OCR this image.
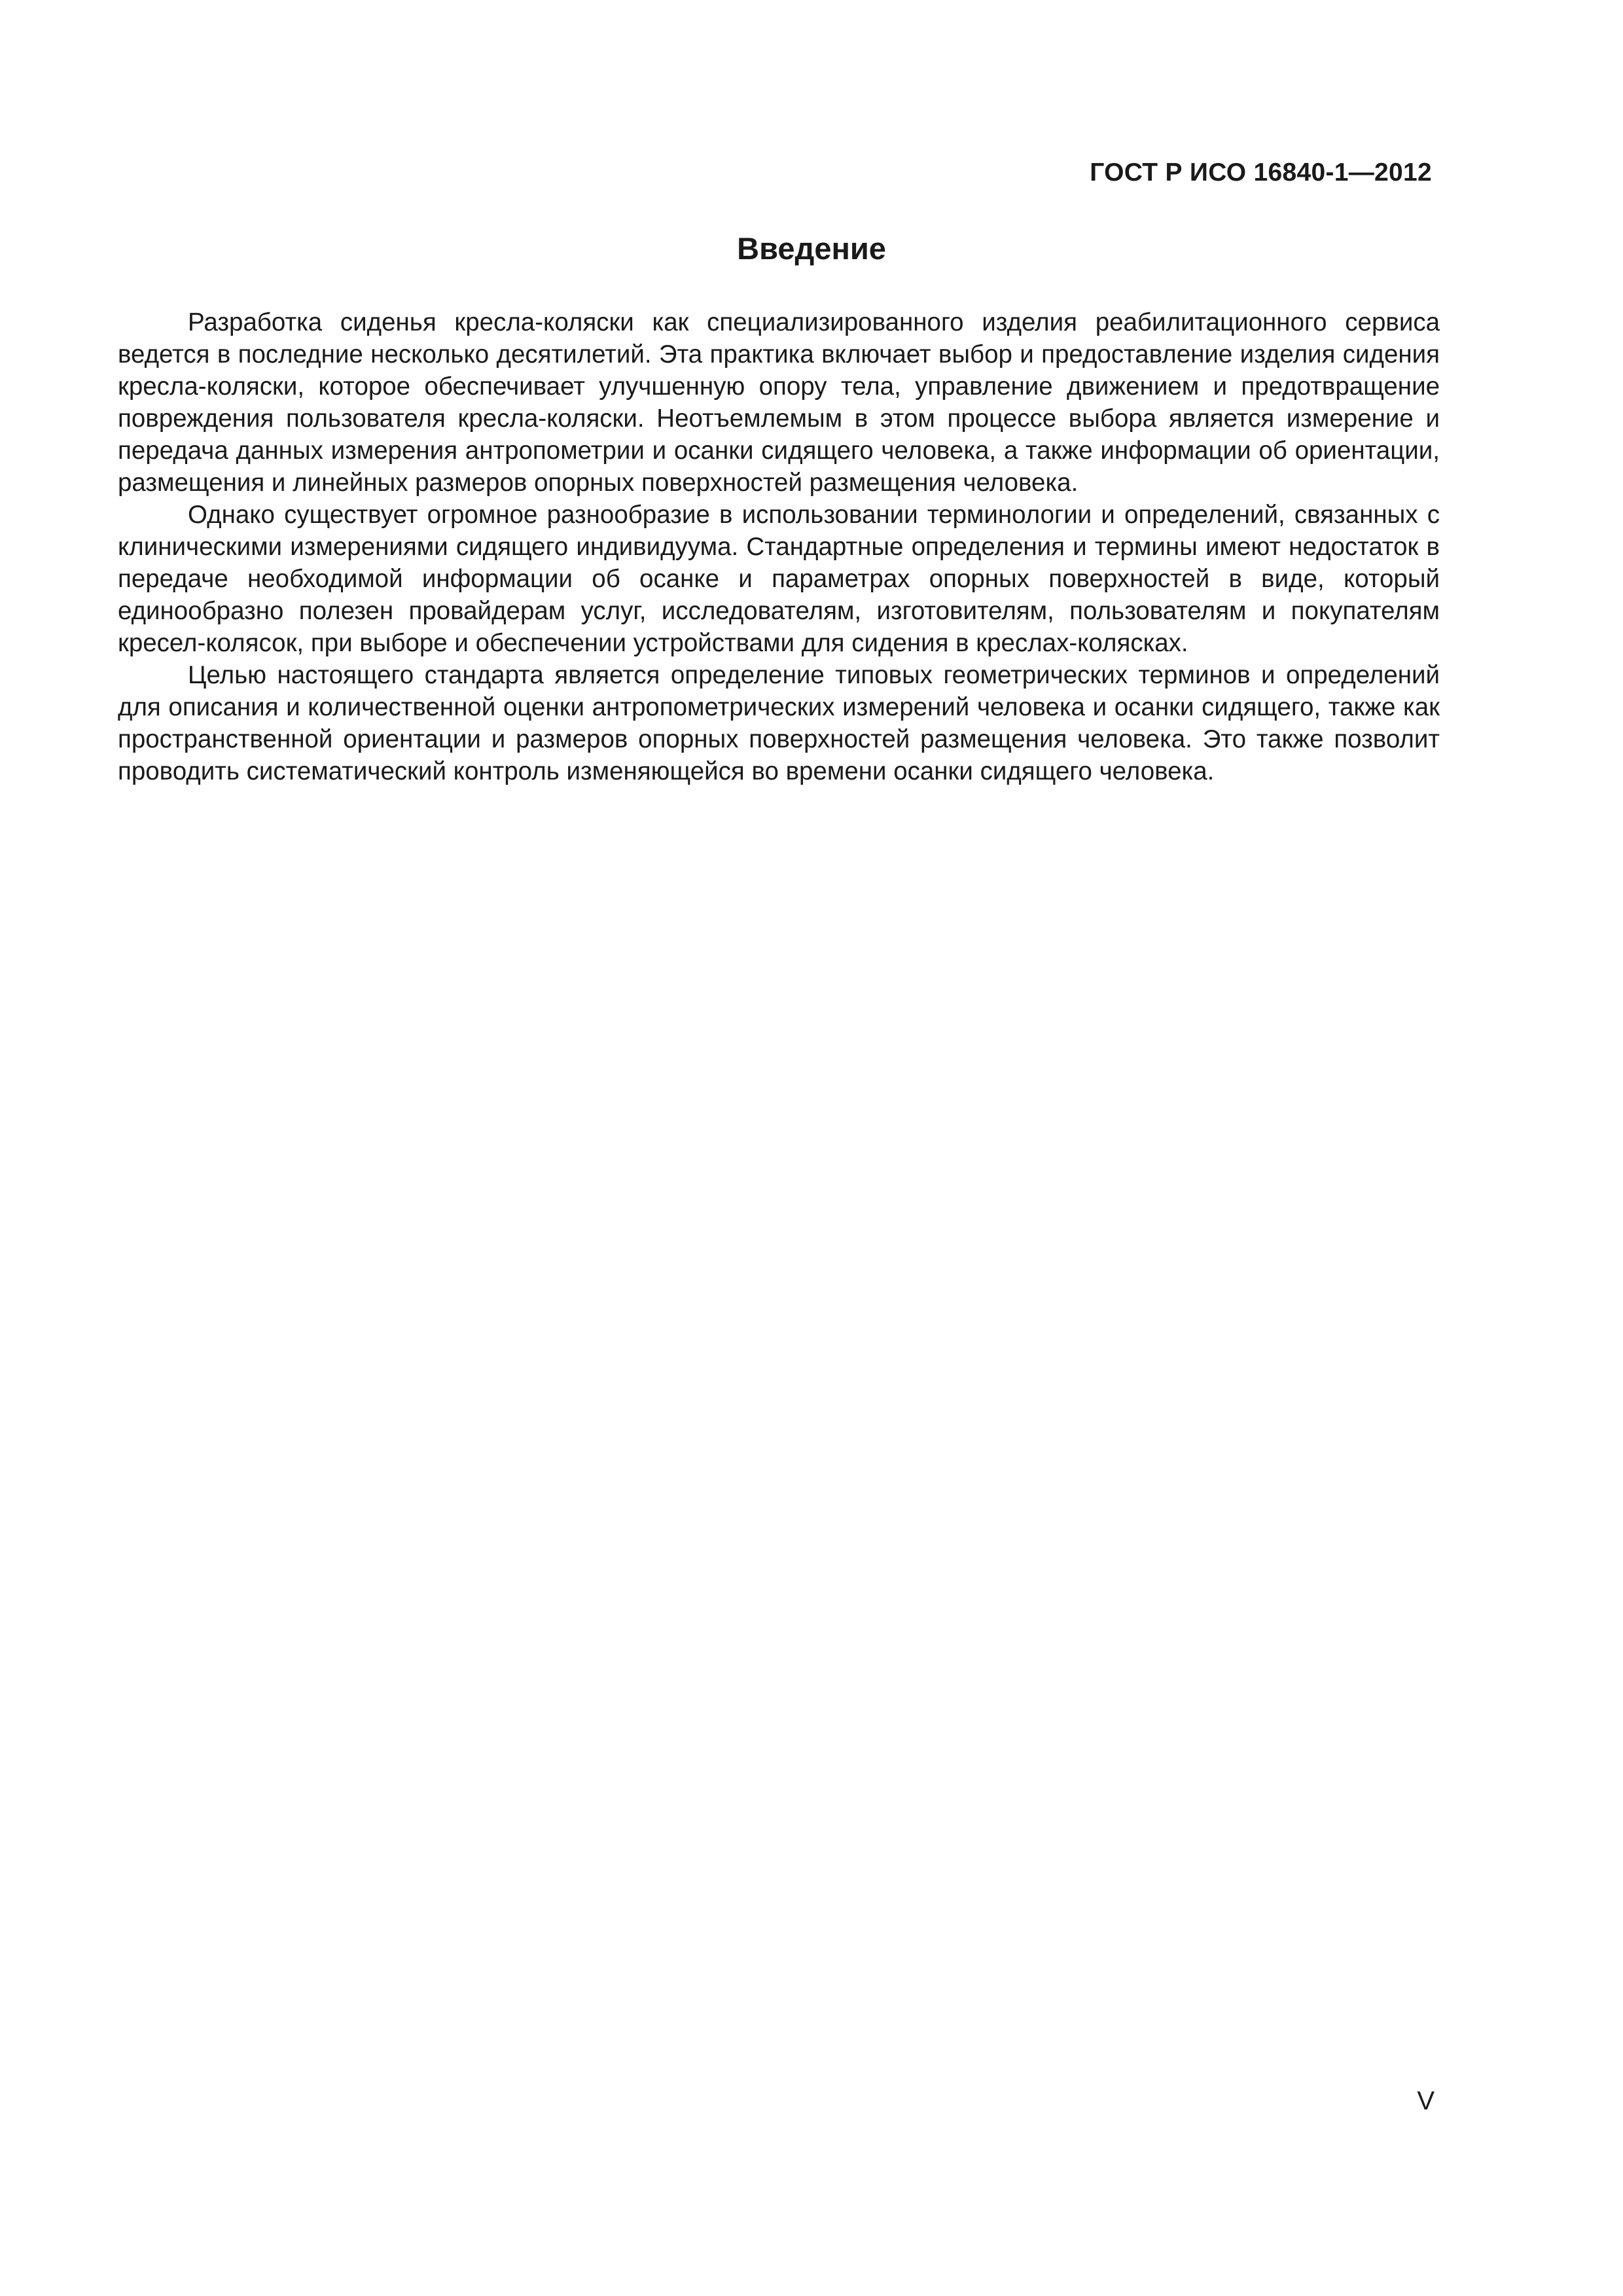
ГОСТ Р ИСО 16840-1—2012
Введение

Разработка сиденья кресла-коляски как специализированного изделия реабилитационного сервиса ведется в последние несколько десятилетий. Эта практика включает выбор и предоставление изделия сидения кресла-коляски, которое обеспечивает улучшенную опору тела, управление движением и предотвращение повреждения пользователя кресла-коляски. Неотъемлемым в этом процессе выбора является измерение и передача данных измерения антропометрии и осанки сидящего человека, а также информации об ориентации, размещения и линейных размеров опорных поверхностей размещения человека.

Однако существует огромное разнообразие в использовании терминологии и определений, связанных с клиническими измерениями сидящего индивидуума. Стандартные определения и термины имеют недостаток в передаче необходимой информации об осанке и параметрах опорных поверхностей в виде, который единообразно полезен провайдерам услуг, исследователям, изготовителям, пользователям и покупателям кресел-колясок, при выборе и обеспечении устройствами для сидения в креслах-колясках.

Целью настоящего стандарта является определение типовых геометрических терминов и определений для описания и количественной оценки антропометрических измерений человека и осанки сидящего, также как пространственной ориентации и размеров опорных поверхностей размещения человека. Это также позволит проводить систематический контроль изменяющейся во времени осанки сидящего человека.

V
